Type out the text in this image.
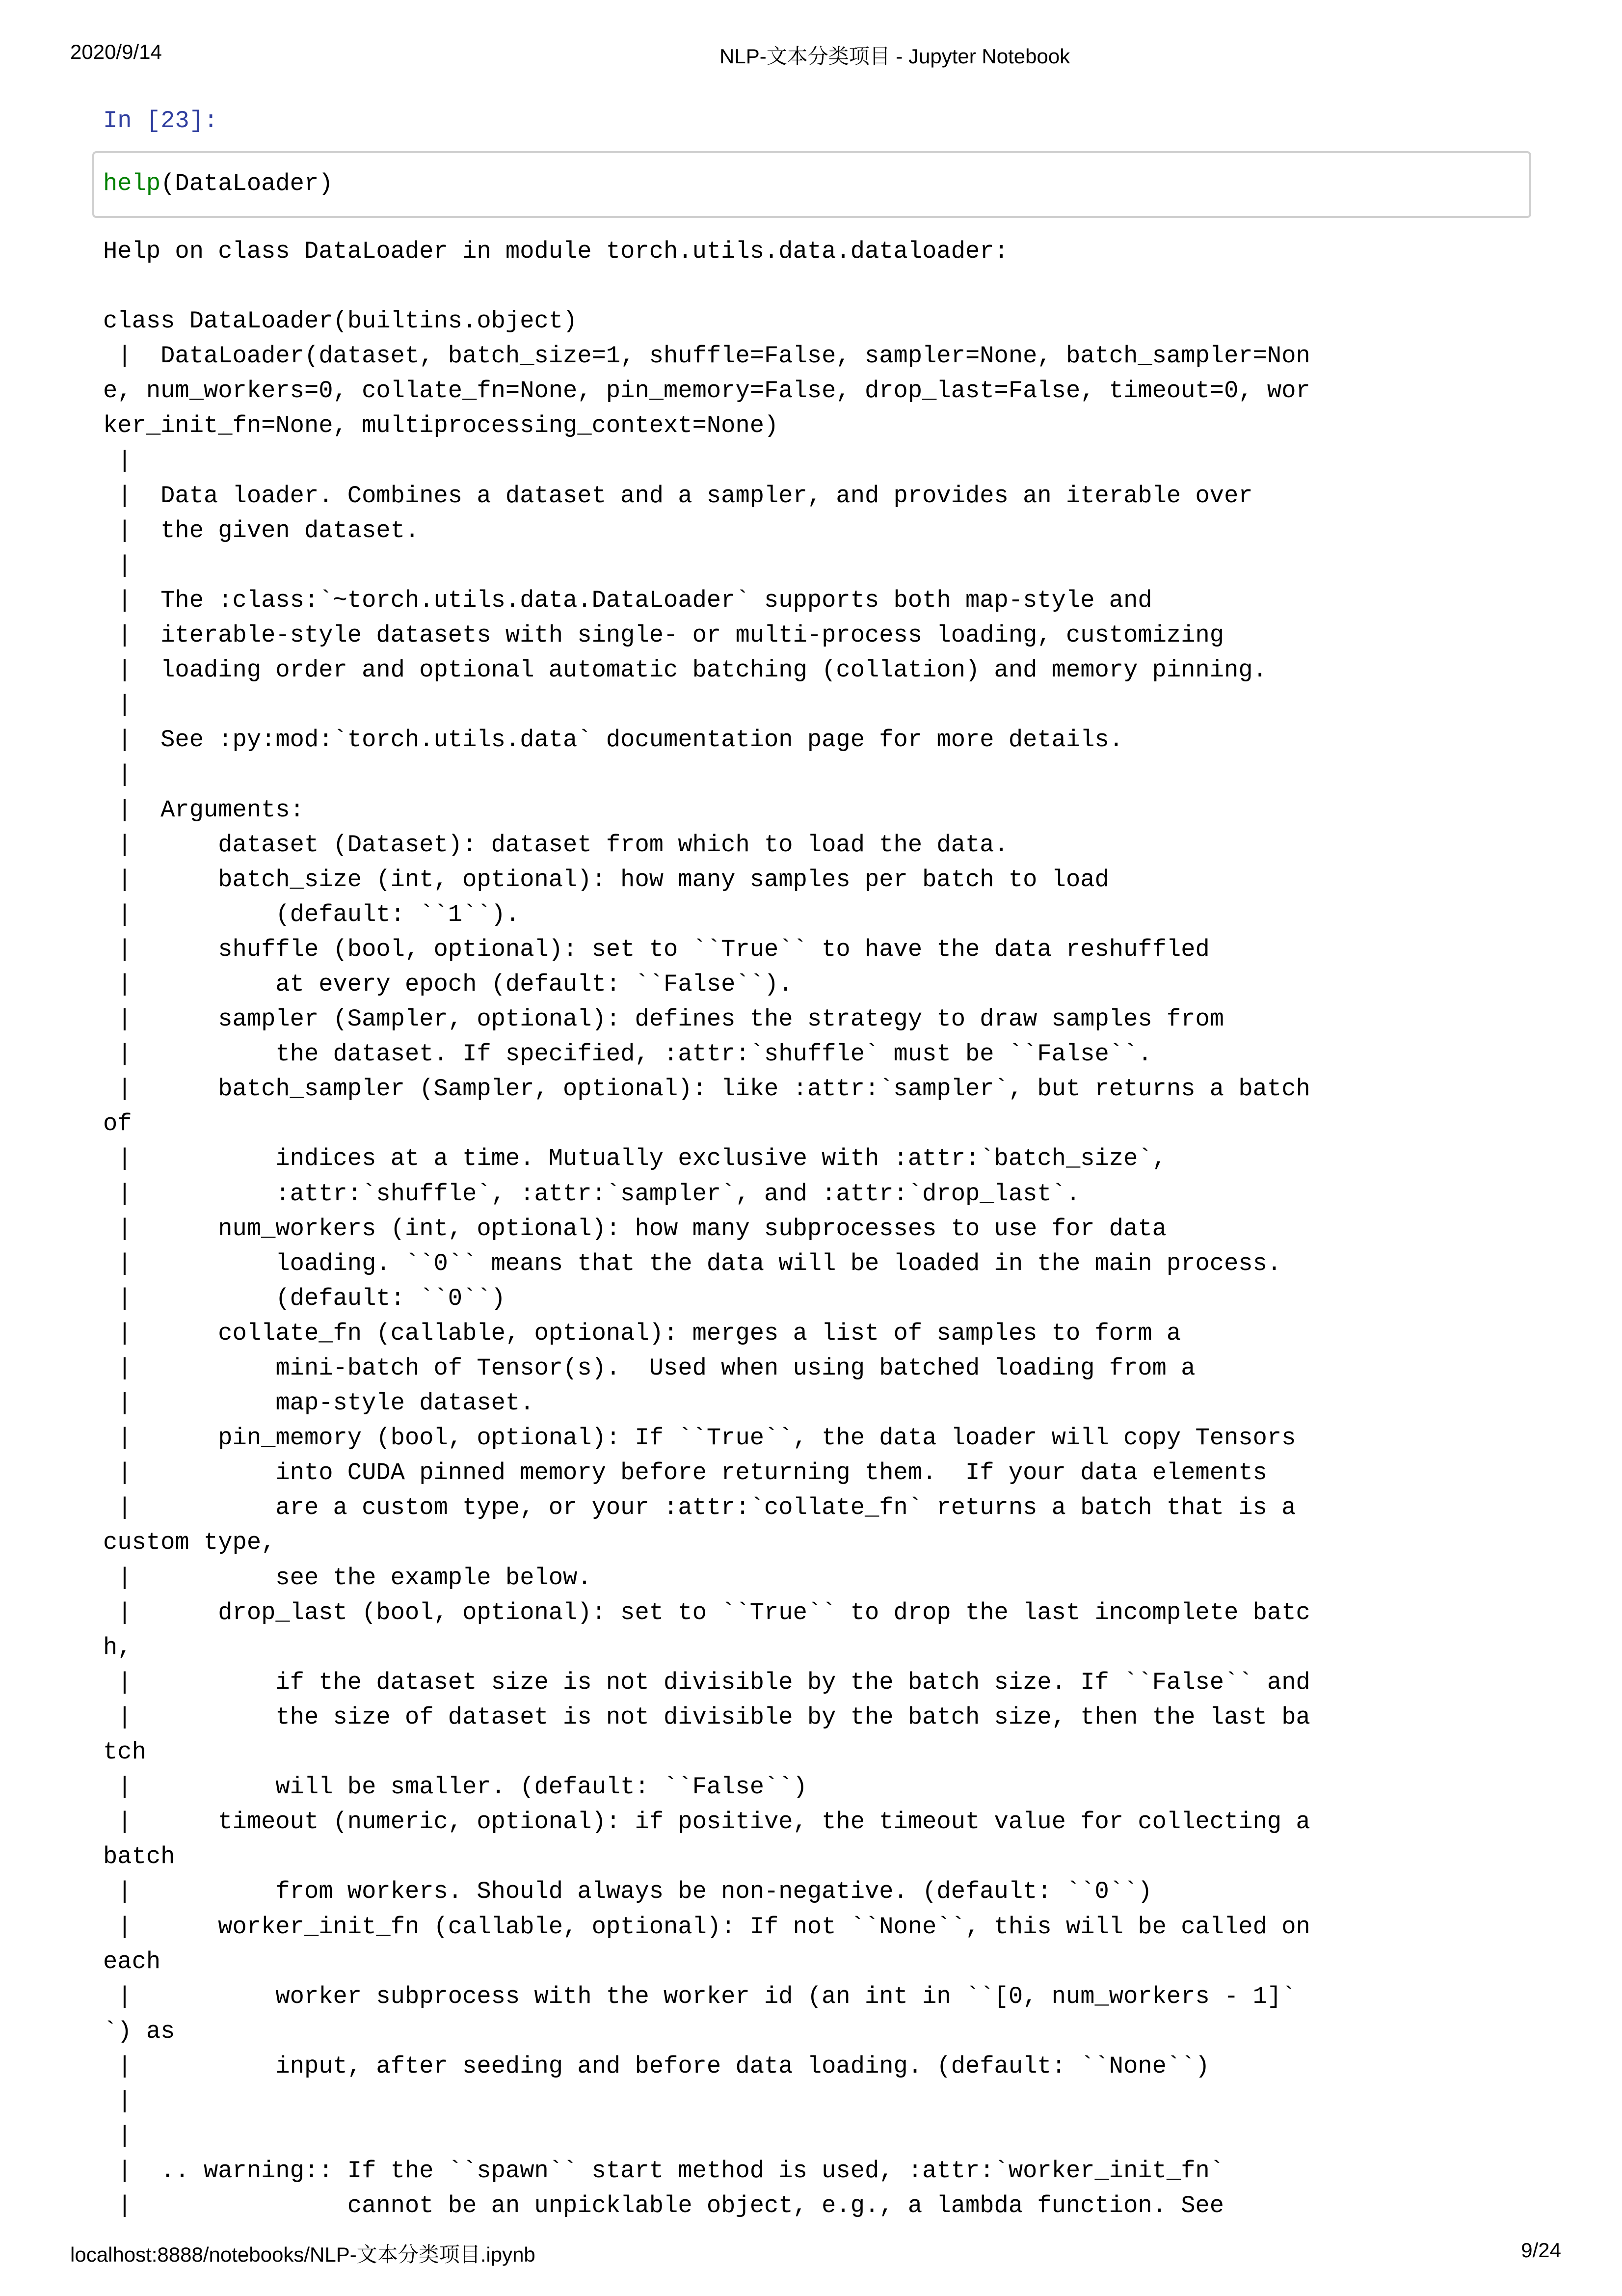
2020/9/14	NLP-文本分类项目 - Jupyter Notebook
In [23]:
help(DataLoader)
Help on class DataLoader in module torch.utils.data.dataloader:
class DataLoader(builtins.object)
|  DataLoader(dataset, batch_size=1, shuffle=False, sampler=None, batch_sampler=Non
e, num_workers=0, collate_fn=None, pin_memory=False, drop_last=False, timeout=0, wor
ker_init_fn=None, multiprocessing_context=None)
|
|  Data loader. Combines a dataset and a sampler, and provides an iterable over
|  the given dataset.
|
|  The :class:`~torch.utils.data.DataLoader` supports both map-style and
|  iterable-style datasets with single- or multi-process loading, customizing
|  loading order and optional automatic batching (collation) and memory pinning.
|
|  See :py:mod:`torch.utils.data` documentation page for more details.
|
|  Arguments:
|      dataset (Dataset): dataset from which to load the data.
|      batch_size (int, optional): how many samples per batch to load
|          (default: ``1``).
|      shuffle (bool, optional): set to ``True`` to have the data reshuffled
|          at every epoch (default: ``False``).
|      sampler (Sampler, optional): defines the strategy to draw samples from
|          the dataset. If specified, :attr:`shuffle` must be ``False``.
|      batch_sampler (Sampler, optional): like :attr:`sampler`, but returns a batch
of
|          indices at a time. Mutually exclusive with :attr:`batch_size`,
|          :attr:`shuffle`, :attr:`sampler`, and :attr:`drop_last`.
|      num_workers (int, optional): how many subprocesses to use for data
|          loading. ``0`` means that the data will be loaded in the main process.
|          (default: ``0``)
|      collate_fn (callable, optional): merges a list of samples to form a
|          mini-batch of Tensor(s).  Used when using batched loading from a
|          map-style dataset.
|      pin_memory (bool, optional): If ``True``, the data loader will copy Tensors
|          into CUDA pinned memory before returning them.  If your data elements
|          are a custom type, or your :attr:`collate_fn` returns a batch that is a
custom type,
|          see the example below.
|      drop_last (bool, optional): set to ``True`` to drop the last incomplete batc
h,
|          if the dataset size is not divisible by the batch size. If ``False`` and
|          the size of dataset is not divisible by the batch size, then the last ba
tch
|          will be smaller. (default: ``False``)
|      timeout (numeric, optional): if positive, the timeout value for collecting a
batch
|          from workers. Should always be non-negative. (default: ``0``)
|      worker_init_fn (callable, optional): If not ``None``, this will be called on
each
|          worker subprocess with the worker id (an int in ``[0, num_workers - 1]`
`) as
|          input, after seeding and before data loading. (default: ``None``)
|
|
|  .. warning:: If the ``spawn`` start method is used, :attr:`worker_init_fn`
|               cannot be an unpicklable object, e.g., a lambda function. See
localhost:8888/notebooks/NLP-文本分类项目.ipynb	9/24
